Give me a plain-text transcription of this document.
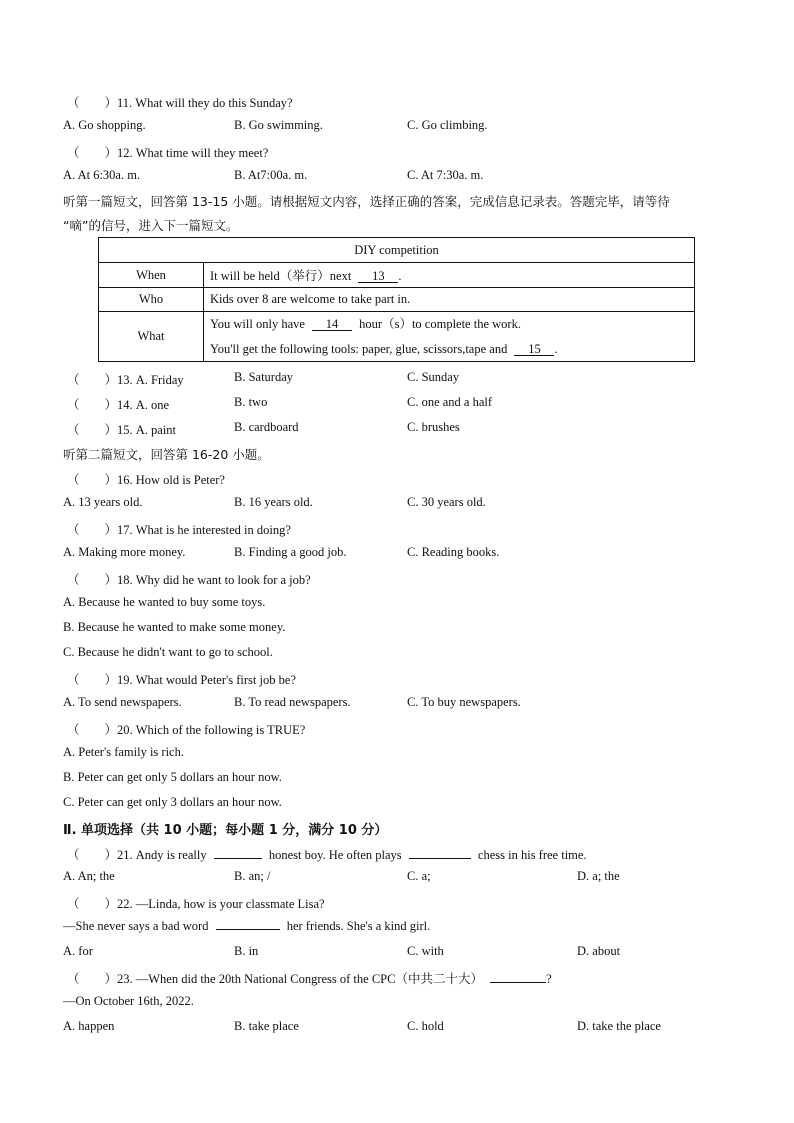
（　　）11. What will they do this Sunday?
A. Go shopping.	B. Go swimming.	C. Go climbing.
（　　）12. What time will they meet?
A. At 6:30a. m.	B. At7:00a. m.	C. At 7:30a. m.
听第一篇短文，回答第 13-15 小题。请根据短文内容，选择正确的答案，完成信息记录表。答题完毕，请等待
“嘀”的信号，进入下一篇短文。
DIY competition	
When	It will be held（举行）next 13 .
Who	Kids over 8 are welcome to take part in.
What	You will only have 14 hour（s）to complete the work.
You'll get the following tools: paper, glue, scissors,tape and 15 .
（　　）13. A. Friday	B. Saturday	C. Sunday
（　　）14. A. one	B. two	C. one and a half
（　　）15. A. paint	B. cardboard	C. brushes
听第二篇短文，回答第 16-20 小题。
（　　）16. How old is Peter?
A. 13 years old.	B. 16 years old.	C. 30 years old.
（　　）17. What is he interested in doing?
A. Making more money.	B. Finding a good job.	C. Reading books.
（　　）18. Why did he want to look for a job?
A. Because he wanted to buy some toys.
B. Because he wanted to make some money.
C. Because he didn't want to go to school.
（　　）19. What would Peter's first job be?
A. To send newspapers.	B. To read newspapers.	C. To buy newspapers.
（　　）20. Which of the following is TRUE?
A. Peter's family is rich.
B. Peter can get only 5 dollars an hour now.
C. Peter can get only 3 dollars an hour now.
Ⅱ. 单项选择（共 10 小题；每小题 1 分，满分 10 分）
（　　）21. Andy is really	honest boy. He often plays	chess in his free time.
A. An; the	B. an; /	C. a;	D. a; the
（　　）22. —Linda, how is your classmate Lisa?
—She never says a bad word	her friends. She's a kind girl.
A. for	B. in	C. with	D. about
（　　）23. —When did the 20th National Congress of the CPC（中共二十大）	?
—On October 16th, 2022.
A. happen	B. take place	C. hold	D. take the place
